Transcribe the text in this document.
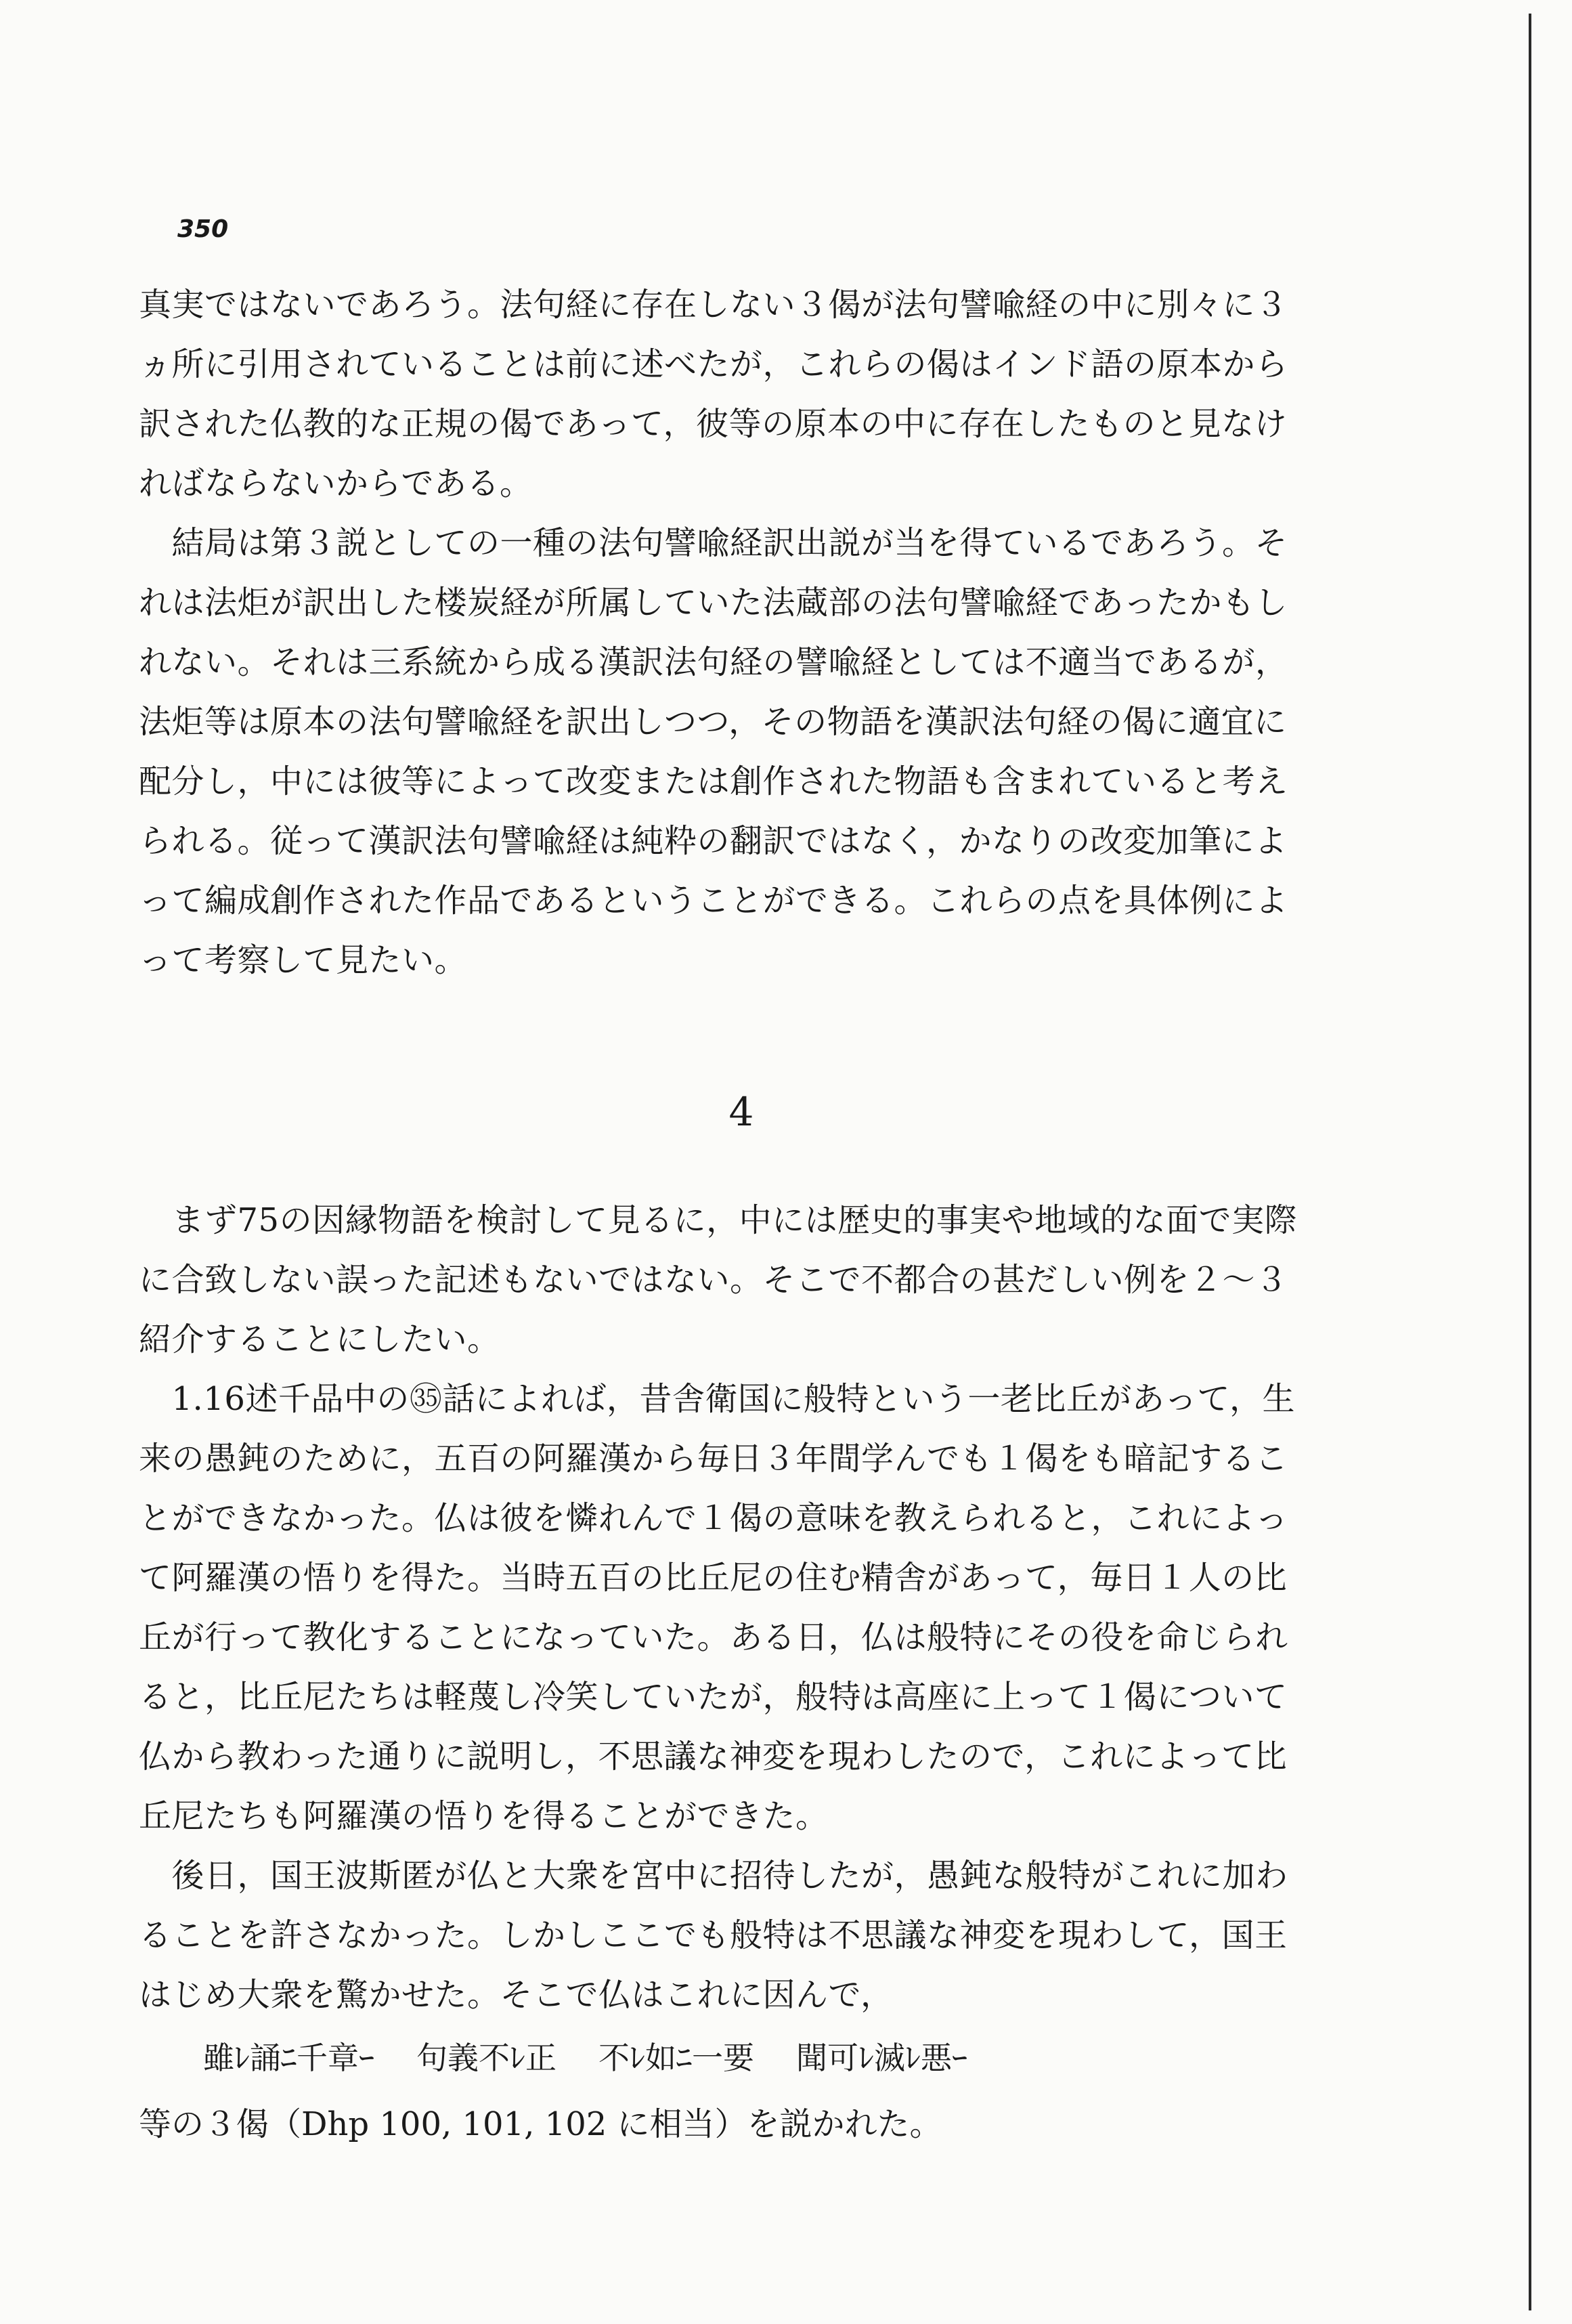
350
真実ではないであろう。法句経に存在しない３偈が法句譬喩経の中に別々に３
ヵ所に引用されていることは前に述べたが，これらの偈はインド語の原本から
訳された仏教的な正規の偈であって，彼等の原本の中に存在したものと見なけ
ればならないからである。
　結局は第３説としての一種の法句譬喩経訳出説が当を得ているであろう。そ
れは法炬が訳出した楼炭経が所属していた法蔵部の法句譬喩経であったかもし
れない。それは三系統から成る漢訳法句経の譬喩経としては不適当であるが，
法炬等は原本の法句譬喩経を訳出しつつ，その物語を漢訳法句経の偈に適宜に
配分し，中には彼等によって改変または創作された物語も含まれていると考え
られる。従って漢訳法句譬喩経は純粋の翻訳ではなく，かなりの改変加筆によ
って編成創作された作品であるということができる。これらの点を具体例によ
って考察して見たい。
4
　まず75の因縁物語を検討して見るに，中には歴史的事実や地域的な面で実際
に合致しない誤った記述もないではない。そこで不都合の甚だしい例を２～３
紹介することにしたい。
　1.16述千品中の㉟話によれば，昔舎衛国に般特という一老比丘があって，生
来の愚鈍のために，五百の阿羅漢から毎日３年間学んでも１偈をも暗記するこ
とができなかった。仏は彼を憐れんで１偈の意味を教えられると，これによっ
て阿羅漢の悟りを得た。当時五百の比丘尼の住む精舎があって，毎日１人の比
丘が行って教化することになっていた。ある日，仏は般特にその役を命じられ
ると，比丘尼たちは軽蔑し冷笑していたが，般特は高座に上って１偈について
仏から教わった通りに説明し，不思議な神変を現わしたので，これによって比
丘尼たちも阿羅漢の悟りを得ることができた。
　後日，国王波斯匿が仏と大衆を宮中に招待したが，愚鈍な般特がこれに加わ
ることを許さなかった。しかしここでも般特は不思議な神変を現わして，国王
はじめ大衆を驚かせた。そこで仏はこれに因んで，
雖ﾚ誦ﾆ千章ｰ 句義不ﾚ正 不ﾚ如ﾆ一要 聞可ﾚ滅ﾚ悪ｰ
等の３偈（Dhp 100, 101, 102 に相当）を説かれた。
